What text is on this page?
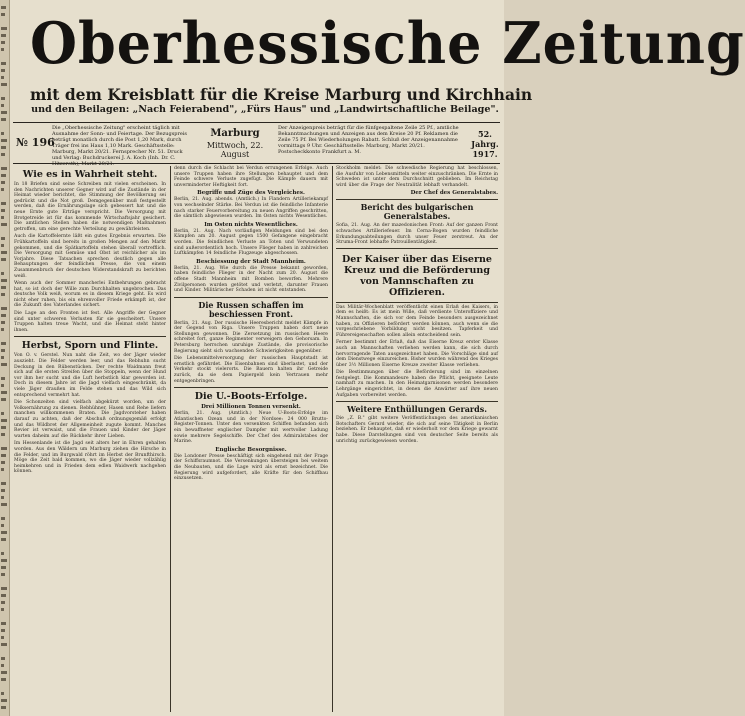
Oberhessische Zeitung
mit dem Kreisblatt für die Kreise Marburg und Kirchhain
und den Beilagen: „Nach Feierabend", „Fürs Haus" und „Landwirtschaftliche Beilage".
№ 196
Die „Oberhessische Zeitung" erscheint täglich mit Ausnahme der Sonn- und Feiertage. Der Bezugspreis beträgt monatlich durch die Post 1,20 Mark, durch Träger frei ins Haus 1,10 Mark. Geschäftsstelle: Marburg, Markt 20/21. Fernsprecher Nr. 51. Druck und Verlag: Buchdruckerei J. A. Koch (Inh. Dr. C. Hitzeroth), Markt 20/21.
Marburg
Mittwoch, 22. August
Der Anzeigenpreis beträgt für die fünfgespaltene Zeile 25 Pf., amtliche Bekanntmachungen und Anzeigen aus dem Kreise 20 Pf. Reklamen die Zeile 75 Pf. Bei Wiederholungen Rabatt. Schluß der Anzeigenannahme vormittags 9 Uhr. Geschäftsstelle: Marburg, Markt 20/21. Postscheckkonto Frankfurt a. M.
52. Jahrg.
1917.
Wie es in Wahrheit steht.

In 18 Briefen sind seine Schreiben mit vielen erscheinen. In den Nachrichten unserer Gegner wird auf die Zustände in der Heimat wieder berichtet, die Stimmung der Bevölkerung sei gedrückt und die Not groß. Demgegenüber muß festgestellt werden, daß die Ernährungslage sich gebessert hat und die neue Ernte gute Erträge verspricht. Die Versorgung mit Brotgetreide ist für das kommende Wirtschaftsjahr gesichert. Die amtlichen Stellen haben die notwendigen Maßnahmen getroffen, um eine gerechte Verteilung zu gewährleisten.

Auch die Kartoffelernte läßt ein gutes Ergebnis erwarten. Die Frühkartoffeln sind bereits in großen Mengen auf den Markt gekommen, und die Spätkartoffeln stehen überall vortrefflich. Die Versorgung mit Gemüse und Obst ist reichlicher als im Vorjahre. Diese Tatsachen sprechen deutlich gegen alle Behauptungen der feindlichen Presse, die von einem Zusammenbruch der deutschen Widerstandskraft zu berichten weiß.

Wenn auch der Sommer mancherlei Entbehrungen gebracht hat, so ist doch der Wille zum Durchhalten ungebrochen. Das deutsche Volk weiß, worum es in diesem Kriege geht. Es wird nicht eher ruhen, bis ein ehrenvoller Friede erkämpft ist, der die Zukunft des Vaterlandes sichert.

Die Lage an den Fronten ist fest. Alle Angriffe der Gegner sind unter schweren Verlusten für sie gescheitert. Unsere Truppen halten treue Wacht, und die Heimat steht hinter ihnen.

Herbst, Sporn und Flinte.

Von O. v. Gerstel. Nun naht die Zeit, wo der Jäger wieder auszieht. Die Felder werden leer, und das Rebhuhn sucht Deckung in den Rübenstücken. Der rechte Waidmann freut sich auf die ersten Streifen über die Stoppeln, wenn der Hund vor ihm her sucht und die Luft herbstlich klar geworden ist. Doch in diesem Jahre ist die Jagd vielfach eingeschränkt, da viele Jäger draußen im Felde stehen und das Wild sich entsprechend vermehrt hat.

Die Schonzeiten sind vielfach abgekürzt worden, um der Volksernährung zu dienen. Rebhühner, Hasen und Rehe liefern manchen willkommenen Braten. Die Jagdvorsteher haben darauf zu achten, daß der Abschuß ordnungsgemäß erfolgt und das Wildbret der Allgemeinheit zugute kommt. Manches Revier ist verwaist, und die Frauen und Kinder der Jäger warten daheim auf die Rückkehr ihrer Lieben.

Im Hessenlande ist die Jagd seit alters her in Ehren gehalten worden. Aus den Wäldern um Marburg ziehen die Hirsche in die Felder, und im Burgwald röhrt im Herbst der Brunfthirsch. Möge die Zeit bald kommen, wo die Jäger wieder vollzählig heimkehren und in Frieden dem edlen Waidwerk nachgehen können.

denn durch die Schlacht bei Verdun errungenen Erfolge. Auch unsere Truppen haben ihre Stellungen behauptet und dem Feinde schwere Verluste zugefügt. Die Kämpfe dauern mit unverminderter Heftigkeit fort.

Begriffe und Züge des Vergleiches.

Berlin, 21. Aug. abends. (Amtlich.) In Flandern Artilleriekampf von wechselnder Stärke. Bei Verdun ist die feindliche Infanterie nach starker Feuervorbereitung zu neuen Angriffen geschritten, die sämtlich abgewiesen wurden. Im Osten nichts Wesentliches.

Im Osten nichts Wesentliches.

Berlin, 21. Aug. Nach vorläufigen Meldungen sind bei den Kämpfen am 20. August gegen 1500 Gefangene eingebracht worden. Die feindlichen Verluste an Toten und Verwundeten sind außerordentlich hoch. Unsere Flieger haben in zahlreichen Luftkämpfen 14 feindliche Flugzeuge abgeschossen.

Beschiessung der Stadt Mannheim.

Berlin, 21. Aug. Wie durch die Presse bekannt geworden, haben feindliche Flieger in der Nacht zum 20. August die offene Stadt Mannheim mit Bomben beworfen. Mehrere Zivilpersonen wurden getötet und verletzt, darunter Frauen und Kinder. Militärischer Schaden ist nicht entstanden.

Die Russen schaffen im beschiessen Front.

Berlin, 21. Aug. Der russische Heeresbericht meldet Kämpfe in der Gegend von Riga. Unsere Truppen haben dort neue Stellungen gewonnen. Die Zersetzung im russischen Heere schreitet fort, ganze Regimenter verweigern den Gehorsam. In Petersburg herrschen unruhige Zustände, die provisorische Regierung sieht sich wachsenden Schwierigkeiten gegenüber.

Die Lebensmittelversorgung der russischen Hauptstadt ist ernstlich gefährdet. Die Eisenbahnen sind überlastet, und der Verkehr stockt vielerorts. Die Bauern halten ihr Getreide zurück, da sie dem Papiergeld kein Vertrauen mehr entgegenbringen.

Die U.-Boots-Erfolge.
Drei Millionen Tonnen versenkt.

Berlin, 21. Aug. (Amtlich.) Neue U-Boots-Erfolge im Atlantischen Ozean und in der Nordsee: 24 000 Brutto-Register-Tonnen. Unter den versenkten Schiffen befanden sich ein bewaffneter englischer Dampfer mit wertvoller Ladung sowie mehrere Segelschiffe. Der Chef des Admiralstabes der Marine.

Englische Besorgnisse.

Die Londoner Presse beschäftigt sich eingehend mit der Frage der Schiffsraumnot. Die Versenkungen übersteigen bei weitem die Neubauten, und die Lage wird als ernst bezeichnet. Die Regierung wird aufgefordert, alle Kräfte für den Schiffbau einzusetzen.

Stockholm meldet: Die schwedische Regierung hat beschlossen, die Ausfuhr von Lebensmitteln weiter einzuschränken. Die Ernte in Schweden ist unter dem Durchschnitt geblieben. Im Reichstag wird über die Frage der Neutralität lebhaft verhandelt.

Der Chef des Generalstabes.
Bericht des bulgarischen Generalstabes.

Sofia, 21. Aug. An der mazedonischen Front: Auf der ganzen Front schwaches Artilleriefeuer. Im Cerna-Bogen wurden feindliche Erkundungsabteilungen durch unser Feuer zerstreut. An der Struma-Front lebhafte Patrouillentätigkeit.

Der Kaiser über das Eiserne Kreuz und die Beförderung von Mannschaften zu Offizieren.

Das Militär-Wochenblatt veröffentlicht einen Erlaß des Kaisers, in dem es heißt: Es ist mein Wille, daß verdiente Unteroffiziere und Mannschaften, die sich vor dem Feinde besonders ausgezeichnet haben, zu Offizieren befördert werden können, auch wenn sie die vorgeschriebene Vorbildung nicht besitzen. Tapferkeit und Führereigenschaften sollen allein entscheidend sein.

Ferner bestimmt der Erlaß, daß das Eiserne Kreuz erster Klasse auch an Mannschaften verliehen werden kann, die sich durch hervorragende Taten ausgezeichnet haben. Die Vorschläge sind auf dem Dienstwege einzureichen. Bisher wurden während des Krieges über 3½ Millionen Eiserne Kreuze zweiter Klasse verliehen.

Die Bestimmungen über die Beförderung sind im einzelnen festgelegt. Die Kommandeure haben die Pflicht, geeignete Leute namhaft zu machen. In den Heimatgarnisonen werden besondere Lehrgänge eingerichtet, in denen die Anwärter auf ihre neuen Aufgaben vorbereitet werden.

Weitere Enthüllungen Gerards.

Die „Z. B." gibt weitere Veröffentlichungen des amerikanischen Botschafters Gerard wieder, die sich auf seine Tätigkeit in Berlin beziehen. Er behauptet, daß er wiederholt vor dem Kriege gewarnt habe. Diese Darstellungen sind von deutscher Seite bereits als unrichtig zurückgewiesen worden.
